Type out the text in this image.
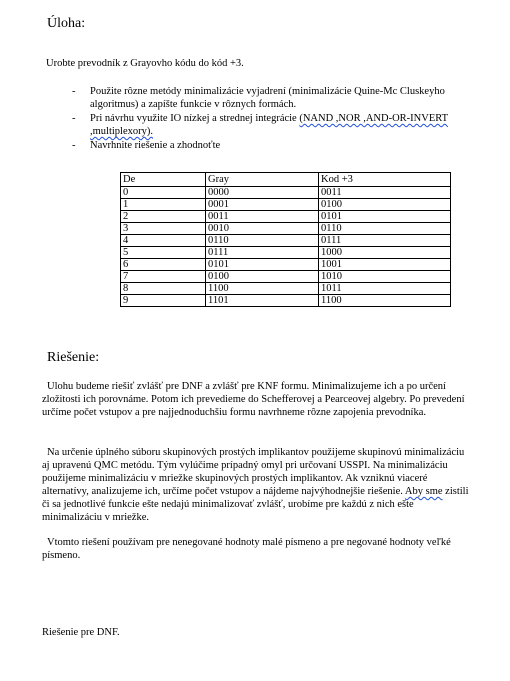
Úloha:
Urobte prevodník z Grayovho kódu do kód +3.
- Použite rôzne metódy minimalizácie vyjadrení (minimalizácie Quine-Mc Cluskeyho algoritmus) a zapíšte funkcie v rôznych formách.
- Pri návrhu využite IO nízkej a strednej integrácie (NAND ,NOR ,AND-OR-INVERT ,multiplexory).
- Navrhnite riešenie a zhodnoťte
De	Gray	Kod +3
0	0000	0011
1	0001	0100
2	0011	0101
3	0010	0110
4	0110	0111
5	0111	1000
6	0101	1001
7	0100	1010
8	1100	1011
9	1101	1100
Riešenie:
Ulohu budeme riešiť zvlášť pre DNF a zvlášť pre KNF formu. Minimalizujeme ich a po určení zložitosti ich porovnáme. Potom ich prevedieme do Schefferovej a Pearceovej algebry. Po prevedení určíme počet vstupov a pre najjednoduchšiu formu navrhneme rôzne zapojenia prevodníka.
Na určenie úplného súboru skupinových prostých implikantov použijeme skupinovú minimalizáciu aj upravenú QMC metódu. Tým vylúčime prípadný omyl pri určovaní USSPI. Na minimalizáciu použijeme minimalizáciu v mriežke skupinových prostých implikantov. Ak vzniknú viaceré alternatívy, analizujeme ich, určíme počet vstupov a nájdeme najvýhodnejšie riešenie. Aby sme zistili či sa jednotlivé funkcie ešte nedajú minimalizovať zvlášť, urobíme pre každú z nich ešte minimalizáciu v mriežke.
Vtomto riešení používam pre nenegované hodnoty malé písmeno a pre negované hodnoty veľké písmeno.
Riešenie pre DNF.
